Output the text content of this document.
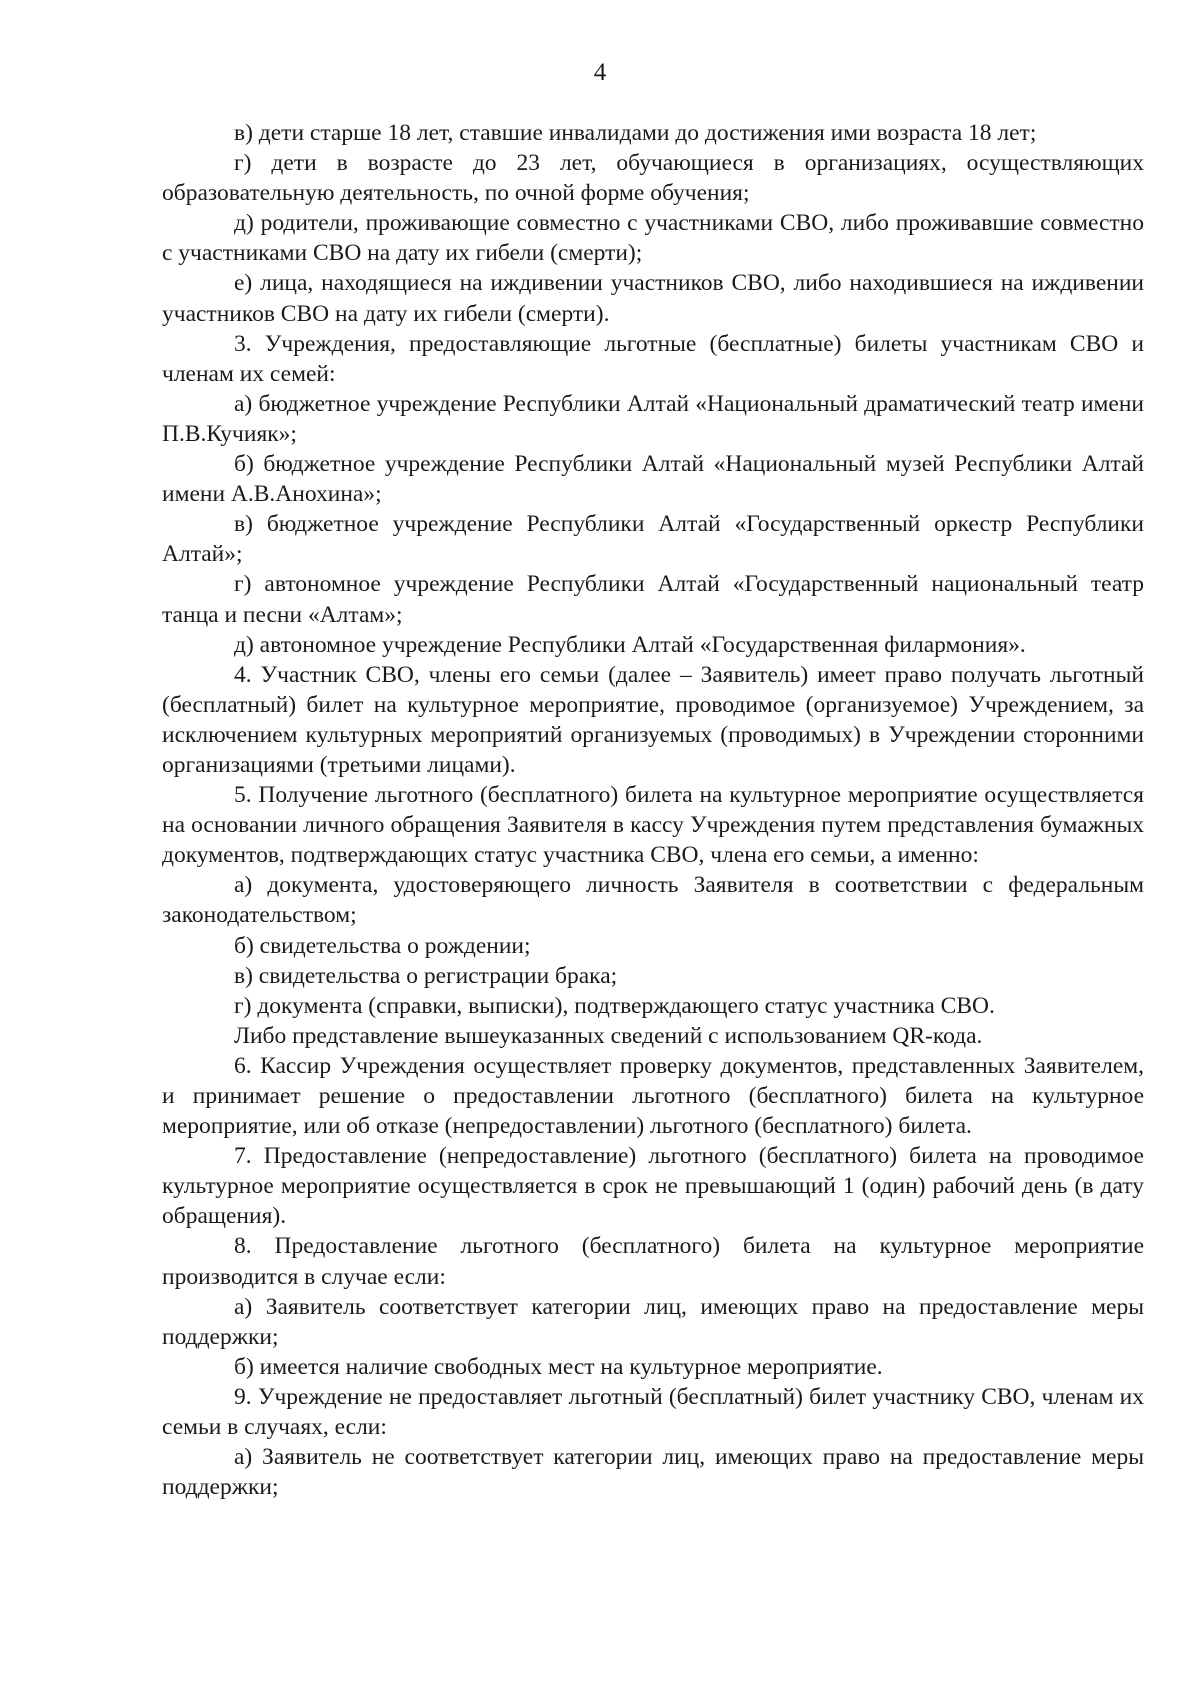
4

в) дети старше 18 лет, ставшие инвалидами до достижения ими возраста 18 лет;

г) дети в возрасте до 23 лет, обучающиеся в организациях, осуществляющих образовательную деятельность, по очной форме обучения;

д) родители, проживающие совместно с участниками СВО, либо проживавшие совместно с участниками СВО на дату их гибели (смерти);

е) лица, находящиеся на иждивении участников СВО, либо находившиеся на иждивении участников СВО на дату их гибели (смерти).

3. Учреждения, предоставляющие льготные (бесплатные) билеты участникам СВО и членам их семей:

а) бюджетное учреждение Республики Алтай «Национальный драматический театр имени П.В.Кучияк»;

б) бюджетное учреждение Республики Алтай «Национальный музей Республики Алтай имени А.В.Анохина»;

в) бюджетное учреждение Республики Алтай «Государственный оркестр Республики Алтай»;

г) автономное учреждение Республики Алтай «Государственный национальный театр танца и песни «Алтам»;

д) автономное учреждение Республики Алтай «Государственная филармония».

4. Участник СВО, члены его семьи (далее – Заявитель) имеет право получать льготный (бесплатный) билет на культурное мероприятие, проводимое (организуемое) Учреждением, за исключением культурных мероприятий организуемых (проводимых) в Учреждении сторонними организациями (третьими лицами).

5. Получение льготного (бесплатного) билета на культурное мероприятие осуществляется на основании личного обращения Заявителя в кассу Учреждения путем представления бумажных документов, подтверждающих статус участника СВО, члена его семьи, а именно:

а) документа, удостоверяющего личность Заявителя в соответствии с федеральным законодательством;

б) свидетельства о рождении;

в) свидетельства о регистрации брака;

г) документа (справки, выписки), подтверждающего статус участника СВО.

Либо представление вышеуказанных сведений с использованием QR-кода.

6. Кассир Учреждения осуществляет проверку документов, представленных Заявителем, и принимает решение о предоставлении льготного (бесплатного) билета на культурное мероприятие, или об отказе (непредоставлении) льготного (бесплатного) билета.

7. Предоставление (непредоставление) льготного (бесплатного) билета на проводимое культурное мероприятие осуществляется в срок не превышающий 1 (один) рабочий день (в дату обращения).

8. Предоставление льготного (бесплатного) билета на культурное мероприятие производится в случае если:

а) Заявитель соответствует категории лиц, имеющих право на предоставление меры поддержки;

б) имеется наличие свободных мест на культурное мероприятие.

9. Учреждение не предоставляет льготный (бесплатный) билет участнику СВО, членам их семьи в случаях, если:

а) Заявитель не соответствует категории лиц, имеющих право на предоставление меры поддержки;
